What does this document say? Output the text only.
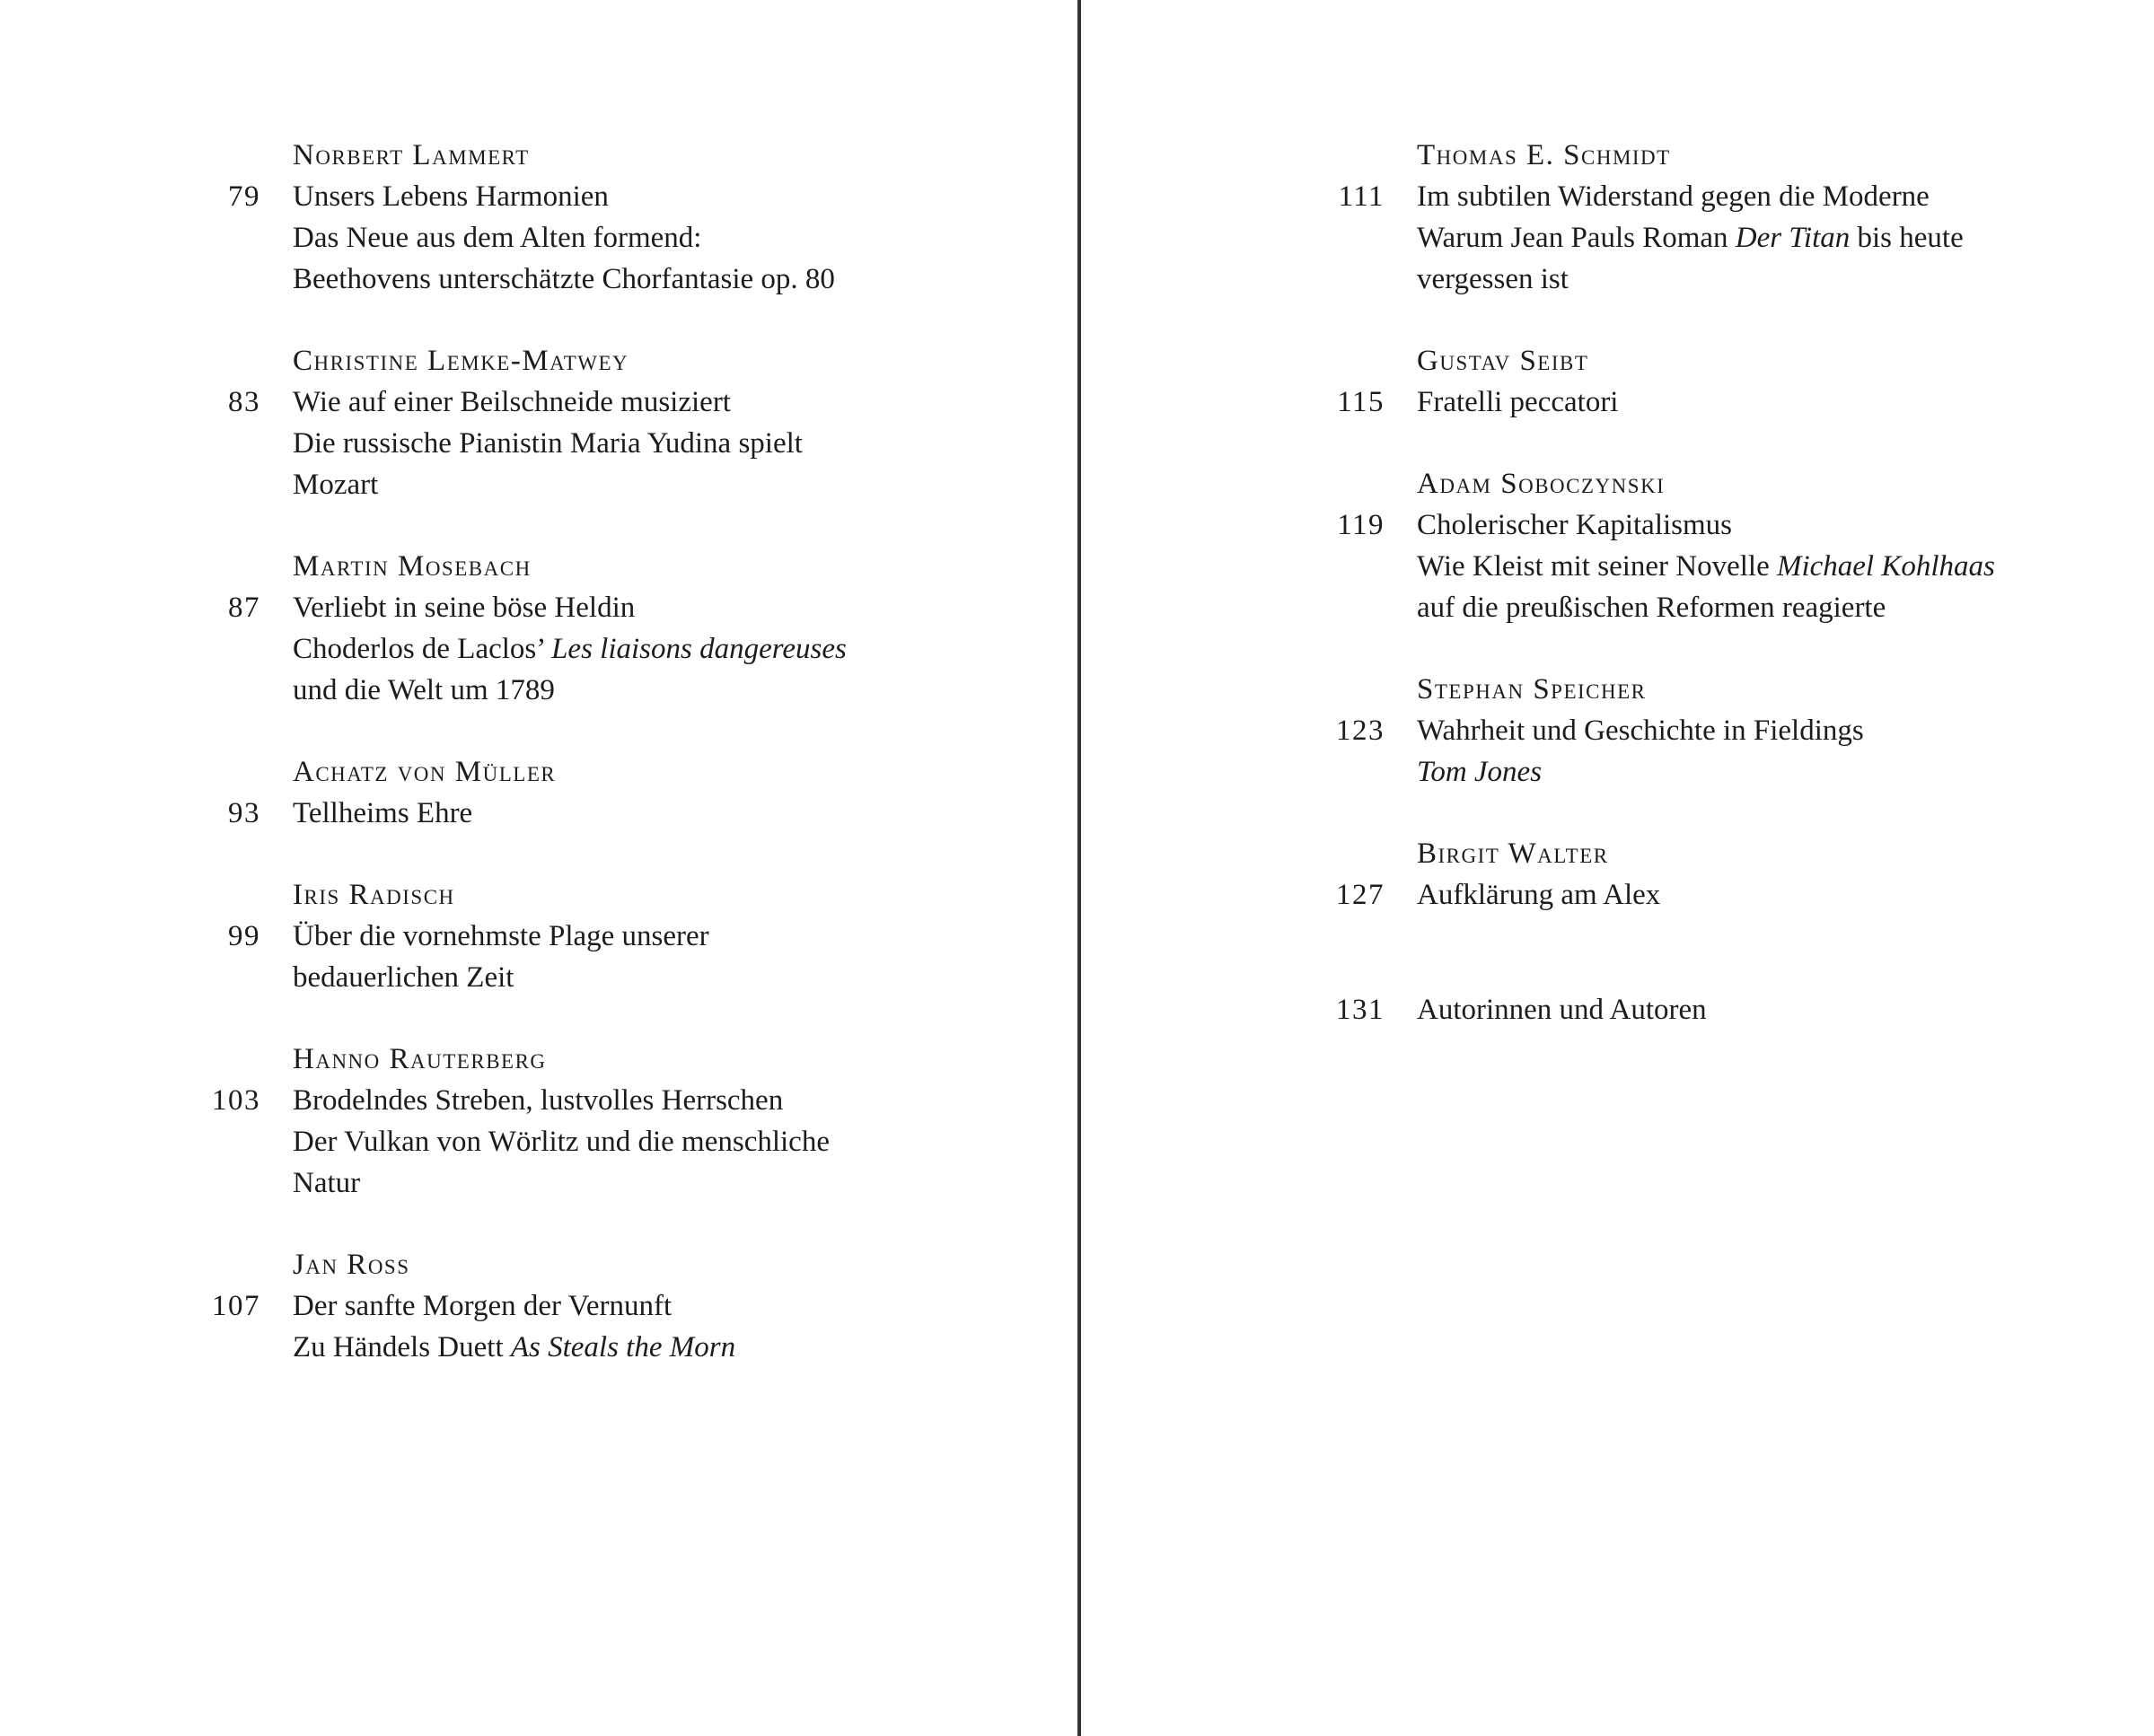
Norbert Lammert
79	Unsers Lebens Harmonien
Das Neue aus dem Alten formend:
Beethovens unterschätzte Chorfantasie op. 80
Christine Lemke-Matwey
83	Wie auf einer Beilschneide musiziert
Die russische Pianistin Maria Yudina spielt
Mozart
Martin Mosebach
87	Verliebt in seine böse Heldin
Choderlos de Laclos’ Les liaisons dangereuses
und die Welt um 1789
Achatz von Müller
93	Tellheims Ehre
Iris Radisch
99	Über die vornehmste Plage unserer
bedauerlichen Zeit
Hanno Rauterberg
103	Brodelndes Streben, lustvolles Herrschen
Der Vulkan von Wörlitz und die menschliche
Natur
Jan Ross
107	Der sanfte Morgen der Vernunft
Zu Händels Duett As Steals the Morn
Thomas E. Schmidt
111	Im subtilen Widerstand gegen die Moderne
Warum Jean Pauls Roman Der Titan bis heute
vergessen ist
Gustav Seibt
115	Fratelli peccatori
Adam Soboczynski
119	Cholerischer Kapitalismus
Wie Kleist mit seiner Novelle Michael Kohlhaas
auf die preußischen Reformen reagierte
Stephan Speicher
123	Wahrheit und Geschichte in Fieldings
Tom Jones
Birgit Walter
127	Aufklärung am Alex
131	Autorinnen und Autoren
